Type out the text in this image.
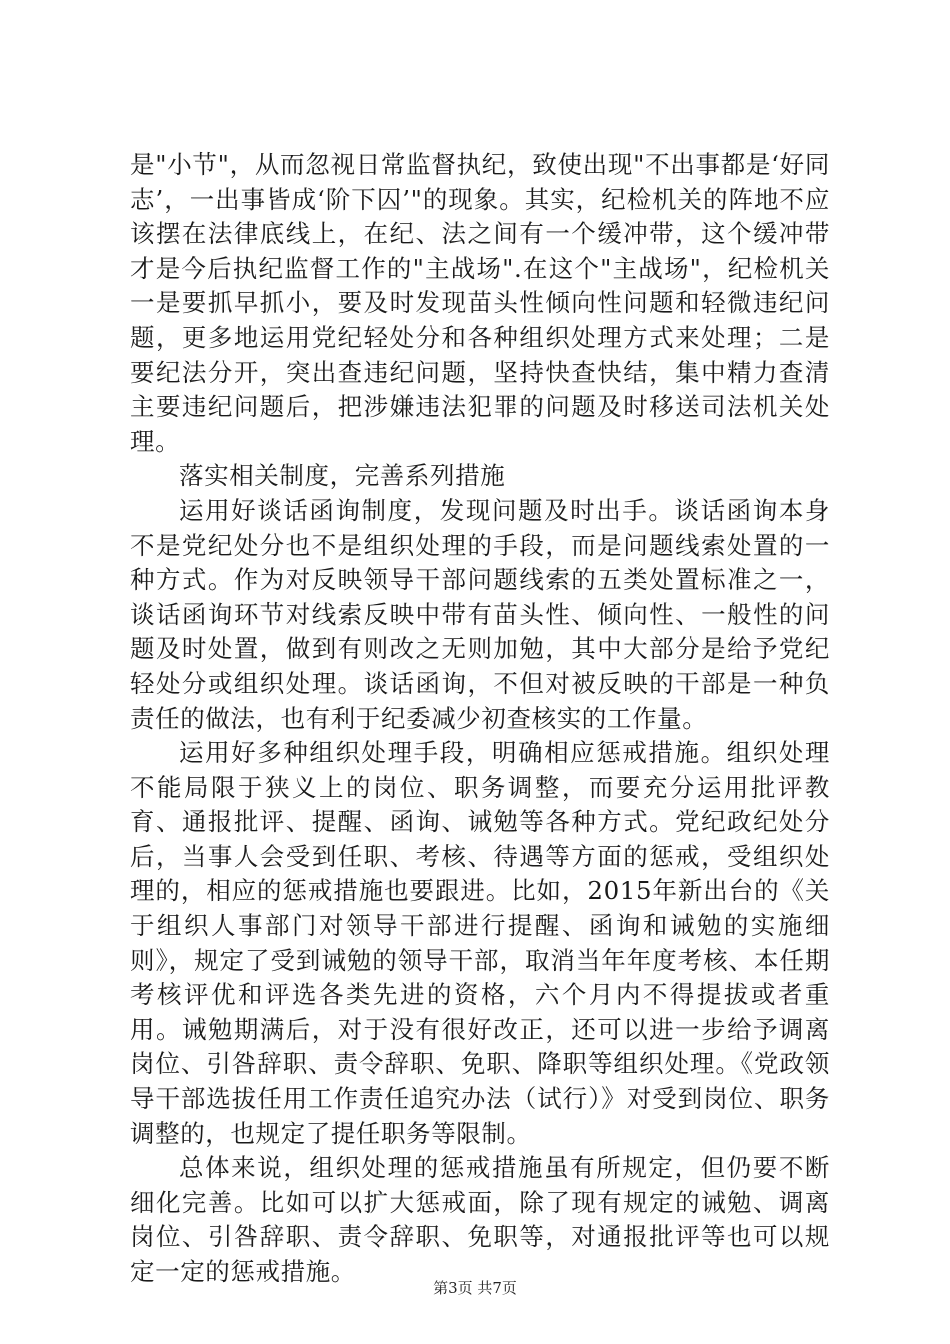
是"小节"，从而忽视日常监督执纪，致使出现"不出事都是‘好同志’，一出事皆成‘阶下囚’"的现象。其实，纪检机关的阵地不应该摆在法律底线上，在纪、法之间有一个缓冲带，这个缓冲带才是今后执纪监督工作的"主战场".在这个"主战场"，纪检机关一是要抓早抓小，要及时发现苗头性倾向性问题和轻微违纪问题，更多地运用党纪轻处分和各种组织处理方式来处理；二是要纪法分开，突出查违纪问题，坚持快查快结，集中精力查清主要违纪问题后，把涉嫌违法犯罪的问题及时移送司法机关处理。

落实相关制度，完善系列措施

运用好谈话函询制度，发现问题及时出手。谈话函询本身不是党纪处分也不是组织处理的手段，而是问题线索处置的一种方式。作为对反映领导干部问题线索的五类处置标准之一，谈话函询环节对线索反映中带有苗头性、倾向性、一般性的问题及时处置，做到有则改之无则加勉，其中大部分是给予党纪轻处分或组织处理。谈话函询，不但对被反映的干部是一种负责任的做法，也有利于纪委减少初查核实的工作量。

运用好多种组织处理手段，明确相应惩戒措施。组织处理不能局限于狭义上的岗位、职务调整，而要充分运用批评教育、通报批评、提醒、函询、诫勉等各种方式。党纪政纪处分后，当事人会受到任职、考核、待遇等方面的惩戒，受组织处理的，相应的惩戒措施也要跟进。比如，2015年新出台的《关于组织人事部门对领导干部进行提醒、函询和诫勉的实施细则》，规定了受到诫勉的领导干部，取消当年年度考核、本任期考核评优和评选各类先进的资格，六个月内不得提拔或者重用。诫勉期满后，对于没有很好改正，还可以进一步给予调离岗位、引咎辞职、责令辞职、免职、降职等组织处理。《党政领导干部选拔任用工作责任追究办法（试行）》对受到岗位、职务调整的，也规定了提任职务等限制。

总体来说，组织处理的惩戒措施虽有所规定，但仍要不断细化完善。比如可以扩大惩戒面，除了现有规定的诫勉、调离岗位、引咎辞职、责令辞职、免职等，对通报批评等也可以规定一定的惩戒措施。

第3页 共7页
